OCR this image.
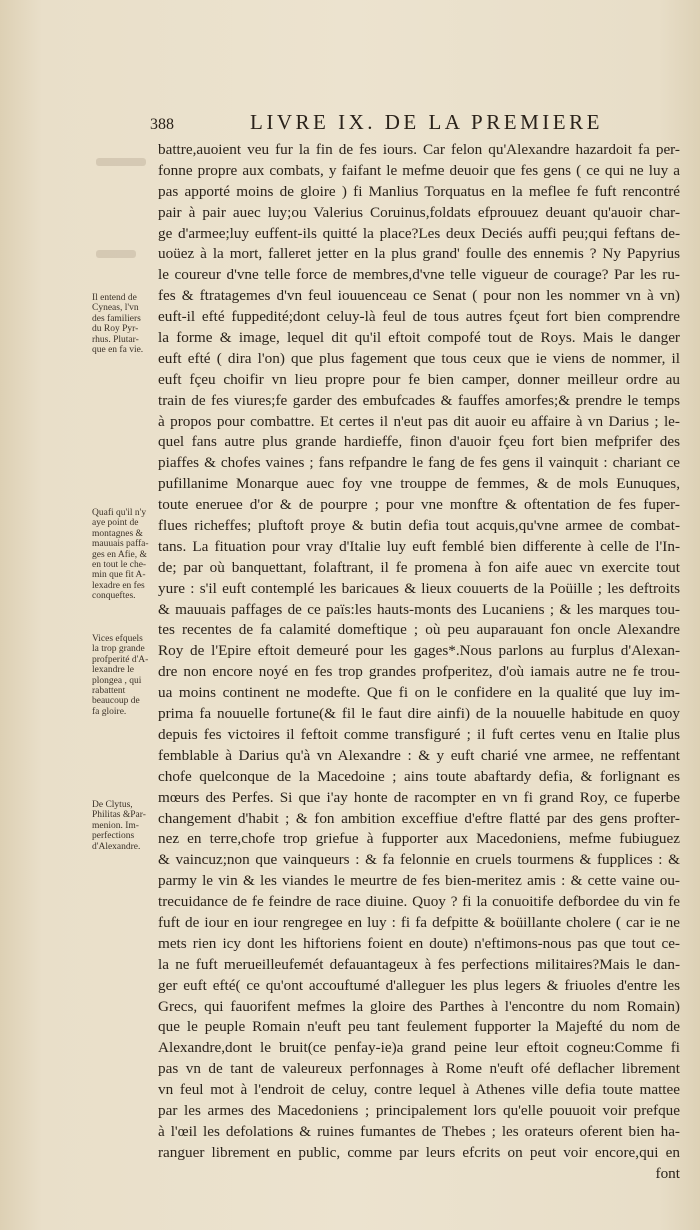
388	LIVRE IX. DE LA PREMIERE
battre,auoient veu fur la fin de fes iours. Car felon qu'Alexandre hazardoit fa per-
fonne propre aux combats, y faifant le mefme deuoir que fes gens ( ce qui ne luy a
pas apporté moins de gloire ) fi Manlius Torquatus en la meflee fe fuft rencontré
pair à pair auec luy;ou Valerius Coruinus,foldats efprouuez deuant qu'auoir char-
ge d'armee;luy euffent-ils quitté la place?Les deux Deciés auffi peu;qui feftans de-
uoüez à la mort, falleret jetter en la plus grand' foulle des ennemis ? Ny Papyrius
le coureur d'vne telle force de membres,d'vne telle vigueur de courage? Par les ru-
fes & ftratagemes d'vn feul iouuenceau ce Senat ( pour non les nommer vn à vn)
euft-il efté fuppedité;dont celuy-là feul de tous autres fçeut fort bien comprendre
la forme & image, lequel dit qu'il eftoit compofé tout de Roys. Mais le danger
euft efté ( dira l'on) que plus fagement que tous ceux que ie viens de nommer, il
euft fçeu choifir vn lieu propre pour fe bien camper, donner meilleur ordre au
train de fes viures;fe garder des embufcades & fauffes amorfes;& prendre le temps
à propos pour combattre. Et certes il n'eut pas dit auoir eu affaire à vn Darius ; le-
quel fans autre plus grande hardieffe, finon d'auoir fçeu fort bien mefprifer des
piaffes & chofes vaines ; fans refpandre le fang de fes gens il vainquit : chariant ce
pufillanime Monarque auec foy vne trouppe de femmes, & de mols Eunuques,
toute eneruee d'or & de pourpre ; pour vne monftre & oftentation de fes fuper-
flues richeffes; pluftoft proye & butin defia tout acquis,qu'vne armee de combat-
tans. La fituation pour vray d'Italie luy euft femblé bien differente à celle de l'In-
de; par où banquettant, folaftrant, il fe promena à fon aife auec vn exercite tout
yure : s'il euft contemplé les baricaues & lieux couuerts de la Poüille ; les deftroits
& mauuais paffages de ce païs:les hauts-monts des Lucaniens ; & les marques tou-
tes recentes de fa calamité domeftique ; où peu auparauant fon oncle Alexandre
Roy de l'Epire eftoit demeuré pour les gages*.Nous parlons au furplus d'Alexan-
dre non encore noyé en fes trop grandes profperitez, d'où iamais autre ne fe trou-
ua moins continent ne modefte. Que fi on le confidere en la qualité que luy im-
prima fa nouuelle fortune(& fil le faut dire ainfi) de la nouuelle habitude en quoy
depuis fes victoires il feftoit comme transfiguré ; il fuft certes venu en Italie plus
femblable à Darius qu'à vn Alexandre : & y euft charié vne armee, ne reffentant
chofe quelconque de la Macedoine ; ains toute abaftardy defia, & forlignant es
mœurs des Perfes. Si que i'ay honte de racompter en vn fi grand Roy, ce fuperbe
changement d'habit ; & fon ambition exceffiue d'eftre flatté par des gens profter-
nez en terre,chofe trop griefue à fupporter aux Macedoniens, mefme fubiuguez
& vaincuz;non que vainqueurs : & fa felonnie en cruels tourmens & fupplices : &
parmy le vin & les viandes le meurtre de fes bien-meritez amis : & cette vaine ou-
trecuidance de fe feindre de race diuine. Quoy ? fi la conuoitife defbordee du vin fe
fuft de iour en iour rengregee en luy : fi fa defpitte & boüillante cholere ( car ie ne
mets rien icy dont les hiftoriens foient en doute) n'eftimons-nous pas que tout ce-
la ne fuft merueilleufemét defauantageux à fes perfections militaires?Mais le dan-
ger euft efté( ce qu'ont accouftumé d'alleguer les plus legers & friuoles d'entre les
Grecs, qui fauorifent mefmes la gloire des Parthes à l'encontre du nom Romain)
que le peuple Romain n'euft peu tant feulement fupporter la Majefté du nom de
Alexandre,dont le bruit(ce penfay-ie)a grand peine leur eftoit cogneu:Comme fi
pas vn de tant de valeureux perfonnages à Rome n'euft ofé deflacher librement
vn feul mot à l'endroit de celuy, contre lequel à Athenes ville defia toute mattee
par les armes des Macedoniens ; principalement lors qu'elle pouuoit voir prefque
à l'œil les defolations & ruines fumantes de Thebes ; les orateurs oferent bien ha-
ranguer librement en public, comme par leurs efcrits on peut voir encore,qui en
font
Il entend de
Cyneas, l'vn
des familiers
du Roy Pyr-
rhus. Plutar-
que en fa vie.
Quafi qu'il n'y
aye point de
montagnes &
mauuais paffa-
ges en Afie, &
en tout le che-
min que fit A-
lexadre en fes
conqueftes.
Vices efquels
la trop grande
profperité d'A-
lexandre le
plongea , qui
rabattent
beaucoup de
fa gloire.
De Clytus,
Philitas &Par-
menion. Im-
perfections
d'Alexandre.
